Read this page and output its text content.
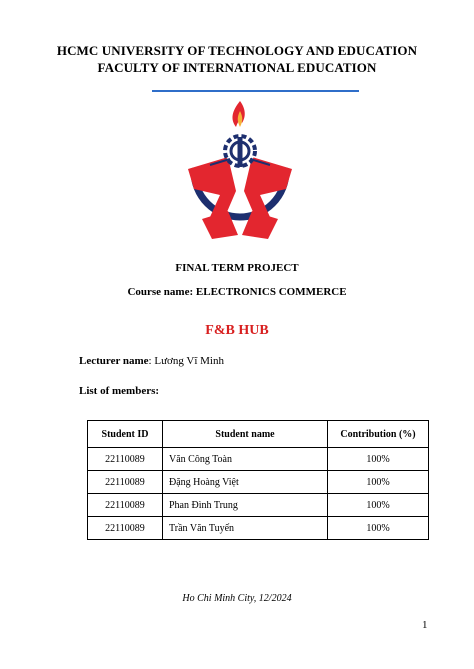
HCMC UNIVERSITY OF TECHNOLOGY AND EDUCATION
FACULTY OF INTERNATIONAL EDUCATION
FINAL TERM PROJECT
Course name: ELECTRONICS COMMERCE
F&B HUB
Lecturer name: Lương Vĩ Minh
List of members:
Student ID	Student name	Contribution (%)
22110089	Văn Công Toàn	100%
22110089	Đặng Hoàng Việt	100%
22110089	Phan Đình Trung	100%
22110089	Trần Văn Tuyến	100%
Ho Chi Minh City, 12/2024
1
